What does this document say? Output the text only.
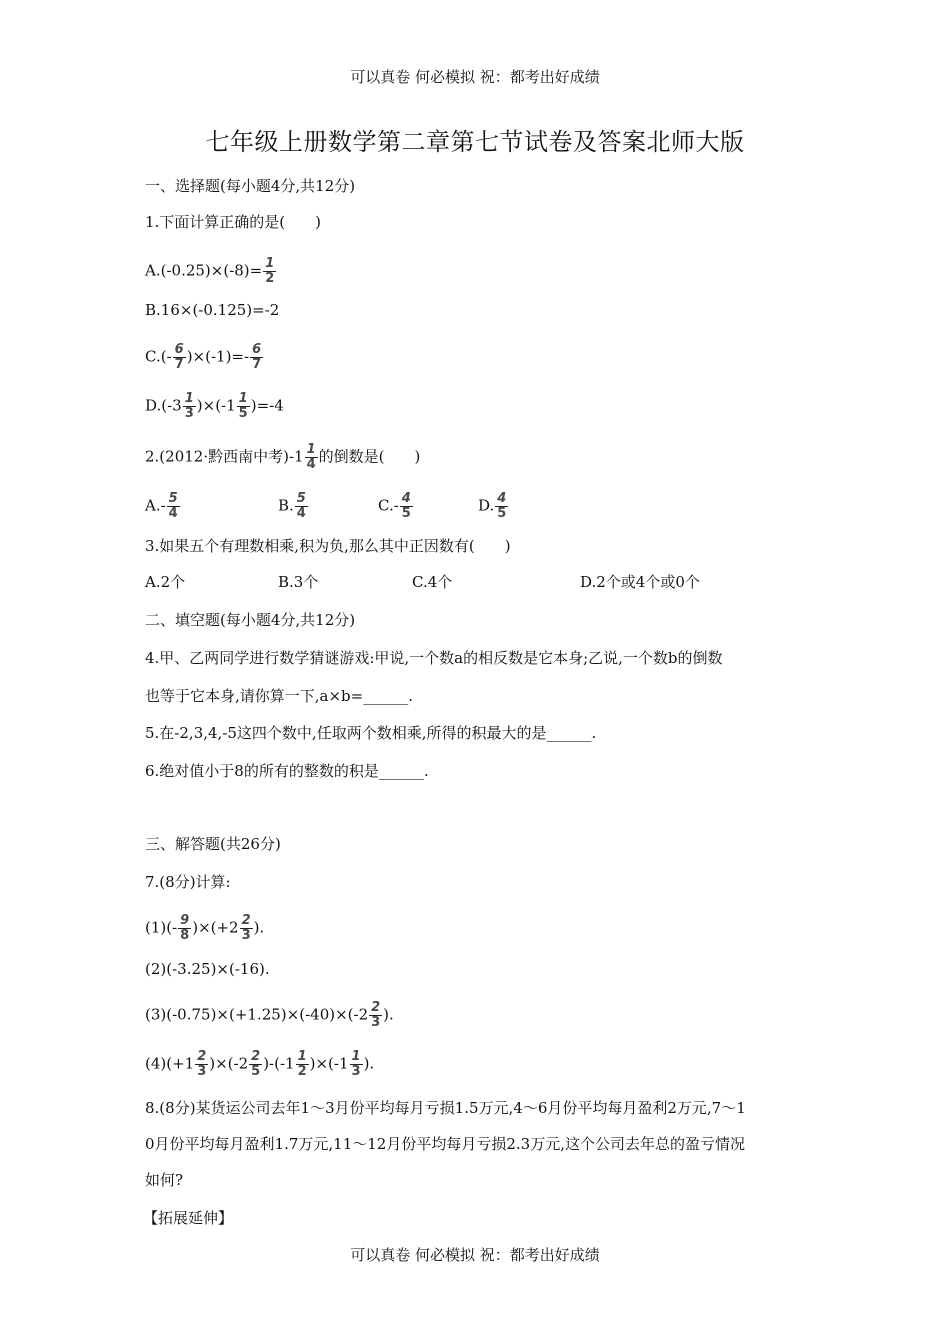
可以真卷 何必模拟 祝：都考出好成绩
七年级上册数学第二章第七节试卷及答案北师大版
一、选择题(每小题4分,共12分)
1.下面计算正确的是(　　)
$A.(-0.25)\times(-8)= \frac{1}{2}$
B.16×(-0.125)=-2
$C.(- \frac{6}{7} )\times(-1)=- \frac{6}{7}$
$D.(-3 \frac{1}{3} )\times(-1 \frac{1}{5} )=-4$
2.(2012·黔西南中考)$-1 \frac{1}{4}$ 的倒数是(　　)
$A.- \frac{5}{4}$	B. $\frac{5}{4}$	$C.- \frac{4}{5}$	D. $\frac{4}{5}$
3.如果五个有理数相乘,积为负,那么其中正因数有(　　)
A.2个	B.3个	C.4个	D.2个或4个或0个
二、填空题(每小题4分,共12分)
4.甲、乙两同学进行数学猜谜游戏:甲说,一个数a的相反数是它本身;乙说,一个数b的倒数
也等于它本身,请你算一下,a×b=______.
5.在-2,3,4,-5这四个数中,任取两个数相乘,所得的积最大的是______.
6.绝对值小于8的所有的整数的积是______.
三、解答题(共26分)
7.(8分)计算:
$(1)(- \frac{9}{8} )\times(+2 \frac{2}{3}$ ).
(2)(-3.25)×(-16).
$(3)(-0.75)\times(+1.25)\times(-40)\times(-2 \frac{2}{3}$ ).
$(4)(+1 \frac{2}{3} )\times(-2 \frac{2}{5} )-(-1 \frac{1}{2} )\times(-1 \frac{1}{3}$ ).
8.(8分)某货运公司去年1～3月份平均每月亏损1.5万元,4～6月份平均每月盈利2万元,7～1
0月份平均每月盈利1.7万元,11～12月份平均每月亏损2.3万元,这个公司去年总的盈亏情况
如何?
【拓展延伸】
可以真卷 何必模拟 祝：都考出好成绩
